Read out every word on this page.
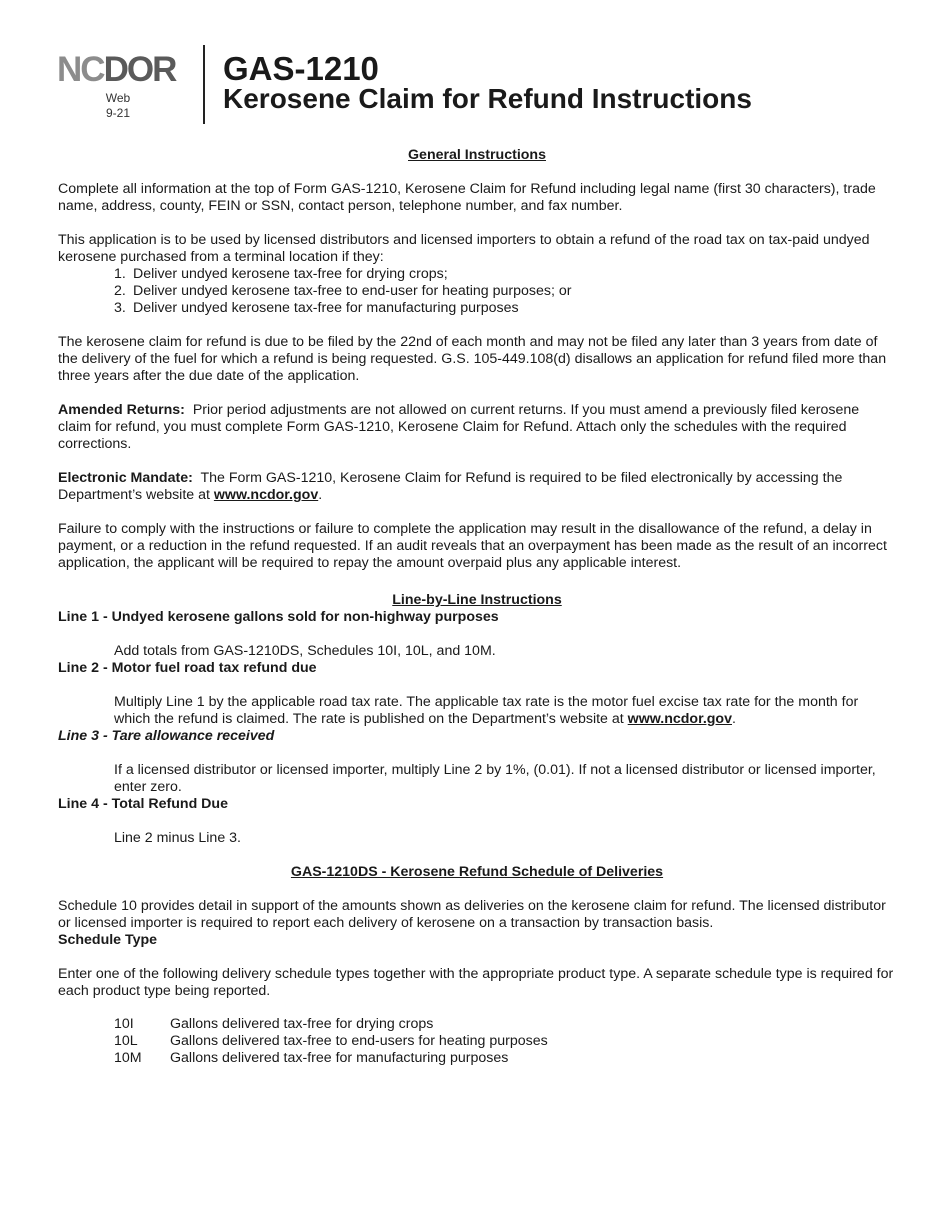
NCDOR
Web
9-21
GAS-1210
Kerosene Claim for Refund Instructions

General Instructions

Complete all information at the top of Form GAS-1210, Kerosene Claim for Refund including legal name (first 30 characters), trade name, address, county, FEIN or SSN, contact person, telephone number, and fax number.

This application is to be used by licensed distributors and licensed importers to obtain a refund of the road tax on tax-paid undyed kerosene purchased from a terminal location if they:

1. Deliver undyed kerosene tax-free for drying crops;
2. Deliver undyed kerosene tax-free to end-user for heating purposes; or
3. Deliver undyed kerosene tax-free for manufacturing purposes

The kerosene claim for refund is due to be filed by the 22nd of each month and may not be filed any later than 3 years from date of the delivery of the fuel for which a refund is being requested. G.S. 105-449.108(d) disallows an application for refund filed more than three years after the due date of the application.

Amended Returns: Prior period adjustments are not allowed on current returns. If you must amend a previously filed kerosene claim for refund, you must complete Form GAS-1210, Kerosene Claim for Refund. Attach only the schedules with the required corrections.

Electronic Mandate: The Form GAS-1210, Kerosene Claim for Refund is required to be filed electronically by accessing the Department’s website at www.ncdor.gov.

Failure to comply with the instructions or failure to complete the application may result in the disallowance of the refund, a delay in payment, or a reduction in the refund requested. If an audit reveals that an overpayment has been made as the result of an incorrect application, the applicant will be required to repay the amount overpaid plus any applicable interest.

Line-by-Line Instructions

Line 1 - Undyed kerosene gallons sold for non-highway purposes

Add totals from GAS-1210DS, Schedules 10I, 10L, and 10M.

Line 2 - Motor fuel road tax refund due

Multiply Line 1 by the applicable road tax rate. The applicable tax rate is the motor fuel excise tax rate for the month for which the refund is claimed. The rate is published on the Department’s website at www.ncdor.gov.

Line 3 - Tare allowance received

If a licensed distributor or licensed importer, multiply Line 2 by 1%, (0.01). If not a licensed distributor or licensed importer, enter zero.

Line 4 - Total Refund Due

Line 2 minus Line 3.

GAS-1210DS - Kerosene Refund Schedule of Deliveries

Schedule 10 provides detail in support of the amounts shown as deliveries on the kerosene claim for refund. The licensed distributor or licensed importer is required to report each delivery of kerosene on a transaction by transaction basis.

Schedule Type

Enter one of the following delivery schedule types together with the appropriate product type. A separate schedule type is required for each product type being reported.

10I	Gallons delivered tax-free for drying crops
10L	Gallons delivered tax-free to end-users for heating purposes
10M	Gallons delivered tax-free for manufacturing purposes
